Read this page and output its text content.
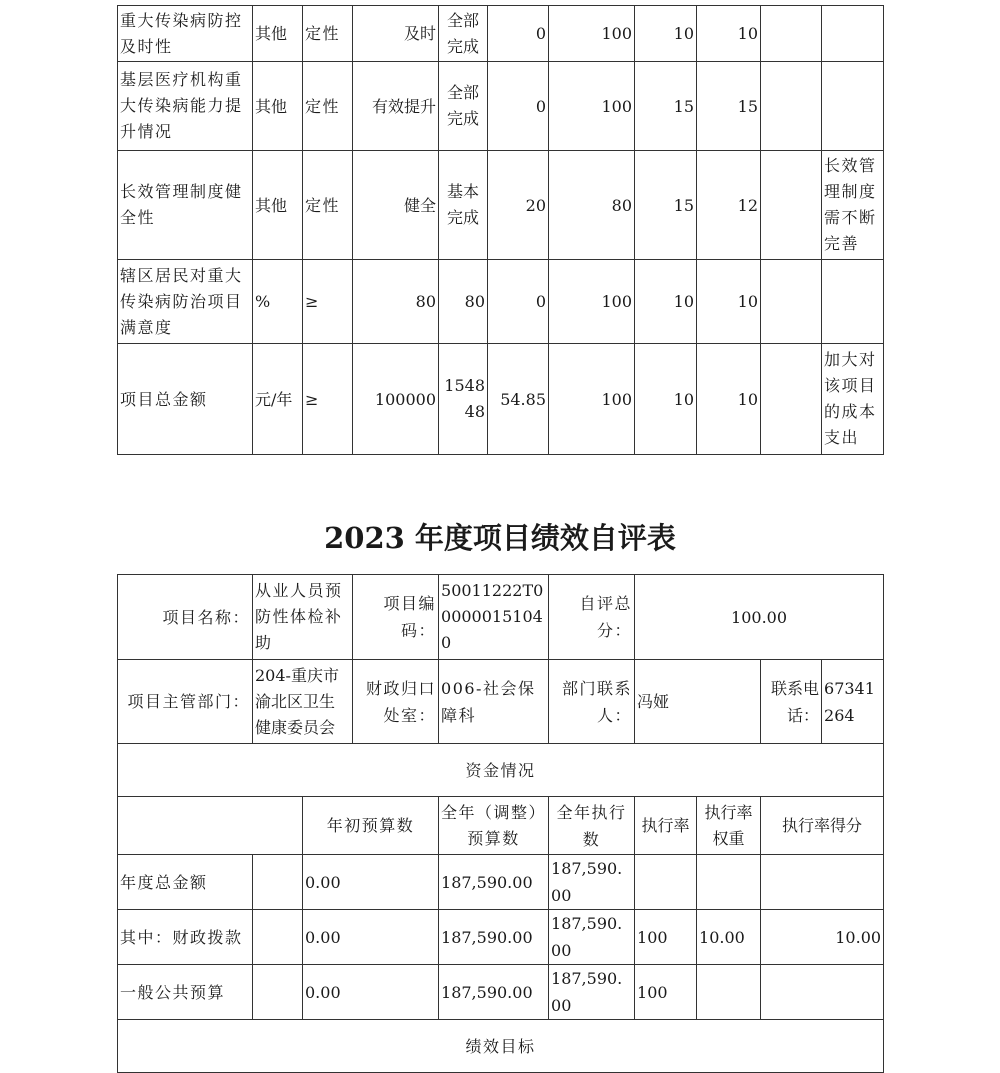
重大传染病防控及时性	其他	定性	及时	全部完成	0	100	10	10		
基层医疗机构重大传染病能力提升情况	其他	定性	有效提升	全部完成	0	100	15	15		
长效管理制度健全性	其他	定性	健全	基本完成	20	80	15	12		长效管理制度需不断完善
辖区居民对重大传染病防治项目满意度	%	≥	80	80	0	100	10	10		
项目总金额	元/年	≥	100000	154848	54.85	100	10	10		加大对该项目的成本支出
2023 年度项目绩效自评表
项目名称：	从业人员预防性体检补助		项目编码：	50011222T000000151040	自评总分：	100.00			
项目主管部门：	204-重庆市渝北区卫生健康委员会		财政归口处室：	006-社会保障科	部门联系人：	冯娅		联系电话：	67341264
资金情况									
		年初预算数		全年（调整）预算数	全年执行数	执行率	执行率权重	执行率得分	
年度总金额		0.00		187,590.00	187,590.00				
其中：财政拨款		0.00		187,590.00	187,590.00	100	10.00	10.00	
一般公共预算		0.00		187,590.00	187,590.00	100			
绩效目标									
